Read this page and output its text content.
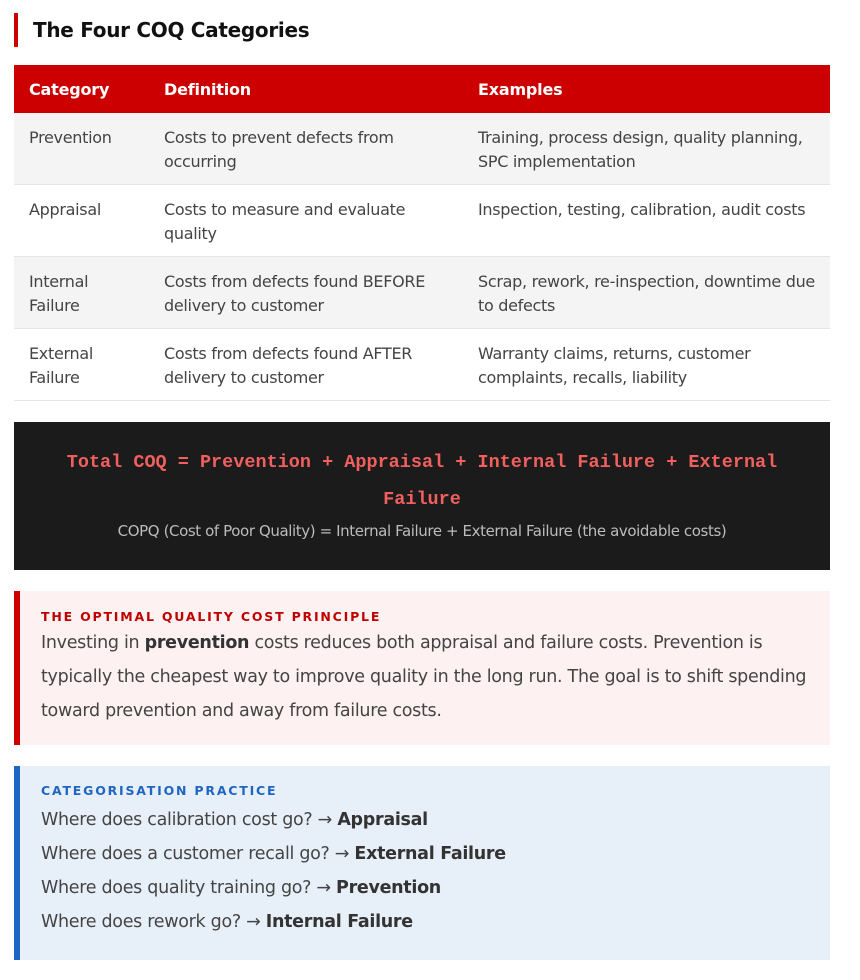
The Four COQ Categories
Category	Definition	Examples
Prevention	Costs to prevent defects from occurring	Training, process design, quality planning, SPC implementation
Appraisal	Costs to measure and evaluate quality	Inspection, testing, calibration, audit costs
Internal Failure	Costs from defects found BEFORE delivery to customer	Scrap, rework, re-inspection, downtime due to defects
External Failure	Costs from defects found AFTER delivery to customer	Warranty claims, returns, customer complaints, recalls, liability
Total COQ = Prevention + Appraisal + Internal Failure + External Failure
COPQ (Cost of Poor Quality) = Internal Failure + External Failure (the avoidable costs)
THE OPTIMAL QUALITY COST PRINCIPLE
Investing in prevention costs reduces both appraisal and failure costs. Prevention is typically the cheapest way to improve quality in the long run. The goal is to shift spending toward prevention and away from failure costs.
CATEGORISATION PRACTICE
Where does calibration cost go? → Appraisal
Where does a customer recall go? → External Failure
Where does quality training go? → Prevention
Where does rework go? → Internal Failure
